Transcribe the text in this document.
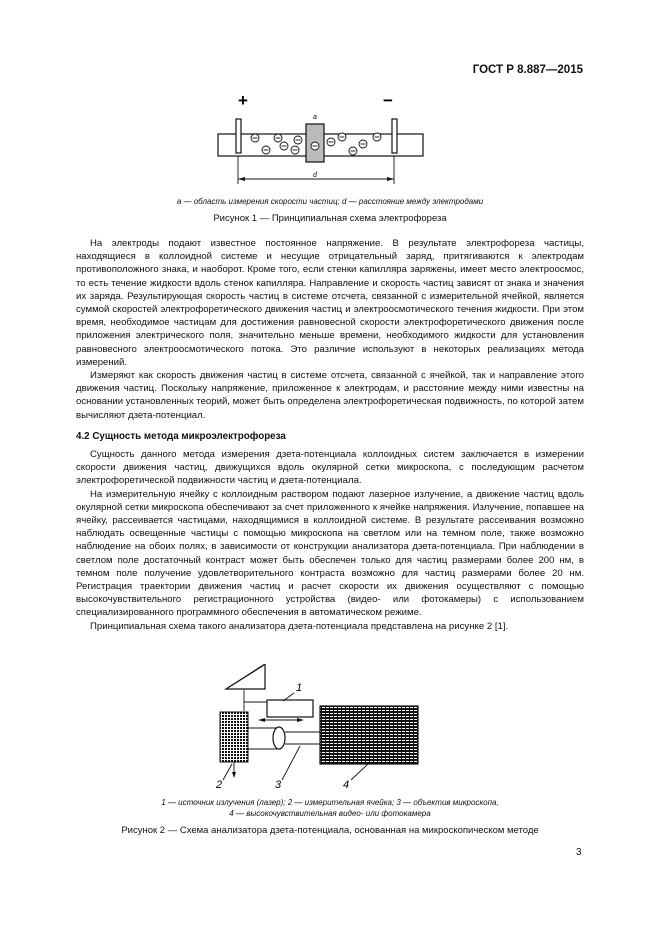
ГОСТ Р 8.887—2015
+	−
a
d
a — область измерения скорости частиц; d — расстояние между электродами
Рисунок 1 — Принципиальная схема электрофореза

На электроды подают известное постоянное напряжение. В результате электрофореза частицы, находящиеся в коллоидной системе и несущие отрицательный заряд, притягиваются к электродам противоположного знака, и наоборот. Кроме того, если стенки капилляра заряжены, имеет место электроосмос, то есть течение жидкости вдоль стенок капилляра. Направление и скорость частиц зависят от знака и значения их заряда. Результирующая скорость частиц в системе отсчета, связанной с измерительной ячейкой, является суммой скоростей электрофоретического движения частиц и электроосмотического течения жидкости. При этом время, необходимое частицам для достижения равновесной скорости электрофоретического движения после приложения электрического поля, значительно меньше времени, необходимого жидкости для установления равновесного электроосмотического потока. Это различие используют в некоторых реализациях метода измерений.

Измеряют как скорость движения частиц в системе отсчета, связанной с ячейкой, так и направление этого движения частиц. Поскольку напряжение, приложенное к электродам, и расстояние между ними известны на основании установленных теорий, может быть определена электрофоретическая подвижность, по которой затем вычисляют дзета-потенциал.

4.2 Сущность метода микроэлектрофореза

Сущность данного метода измерения дзета-потенциала коллоидных систем заключается в измерении скорости движения частиц, движущихся вдоль окулярной сетки микроскопа, с последующим расчетом электрофоретической подвижности частиц и дзета-потенциала.

На измерительную ячейку с коллоидным раствором подают лазерное излучение, а движение частиц вдоль окулярной сетки микроскопа обеспечивают за счет приложенного к ячейке напряжения. Излучение, попавшее на ячейку, рассеивается частицами, находящимися в коллоидной системе. В результате рассеивания возможно наблюдать освещенные частицы с помощью микроскопа на светлом или на темном поле, также возможно наблюдение на обоих полях, в зависимости от конструкции анализатора дзета-потенциала. При наблюдении в светлом поле достаточный контраст может быть обеспечен только для частиц размерами более 200 нм, в темном поле получение удовлетворительного контраста возможно для частиц размерами более 20 нм. Регистрация траектории движения частиц и расчет скорости их движения осуществляют с помощью высокочувствительного регистрационного устройства (видео- или фотокамеры) с использованием специализированного программного обеспечения в автоматическом режиме.

Принципиальная схема такого анализатора дзета-потенциала представлена на рисунке 2 [1].

1
2	3	4
1 — источник излучения (лазер); 2 — измерительная ячейка; 3 — объектив микроскопа,
4 — высокочувствительная видео- или фотокамера
Рисунок 2 — Схема анализатора дзета-потенциала, основанная на микроскопическом методе
3
